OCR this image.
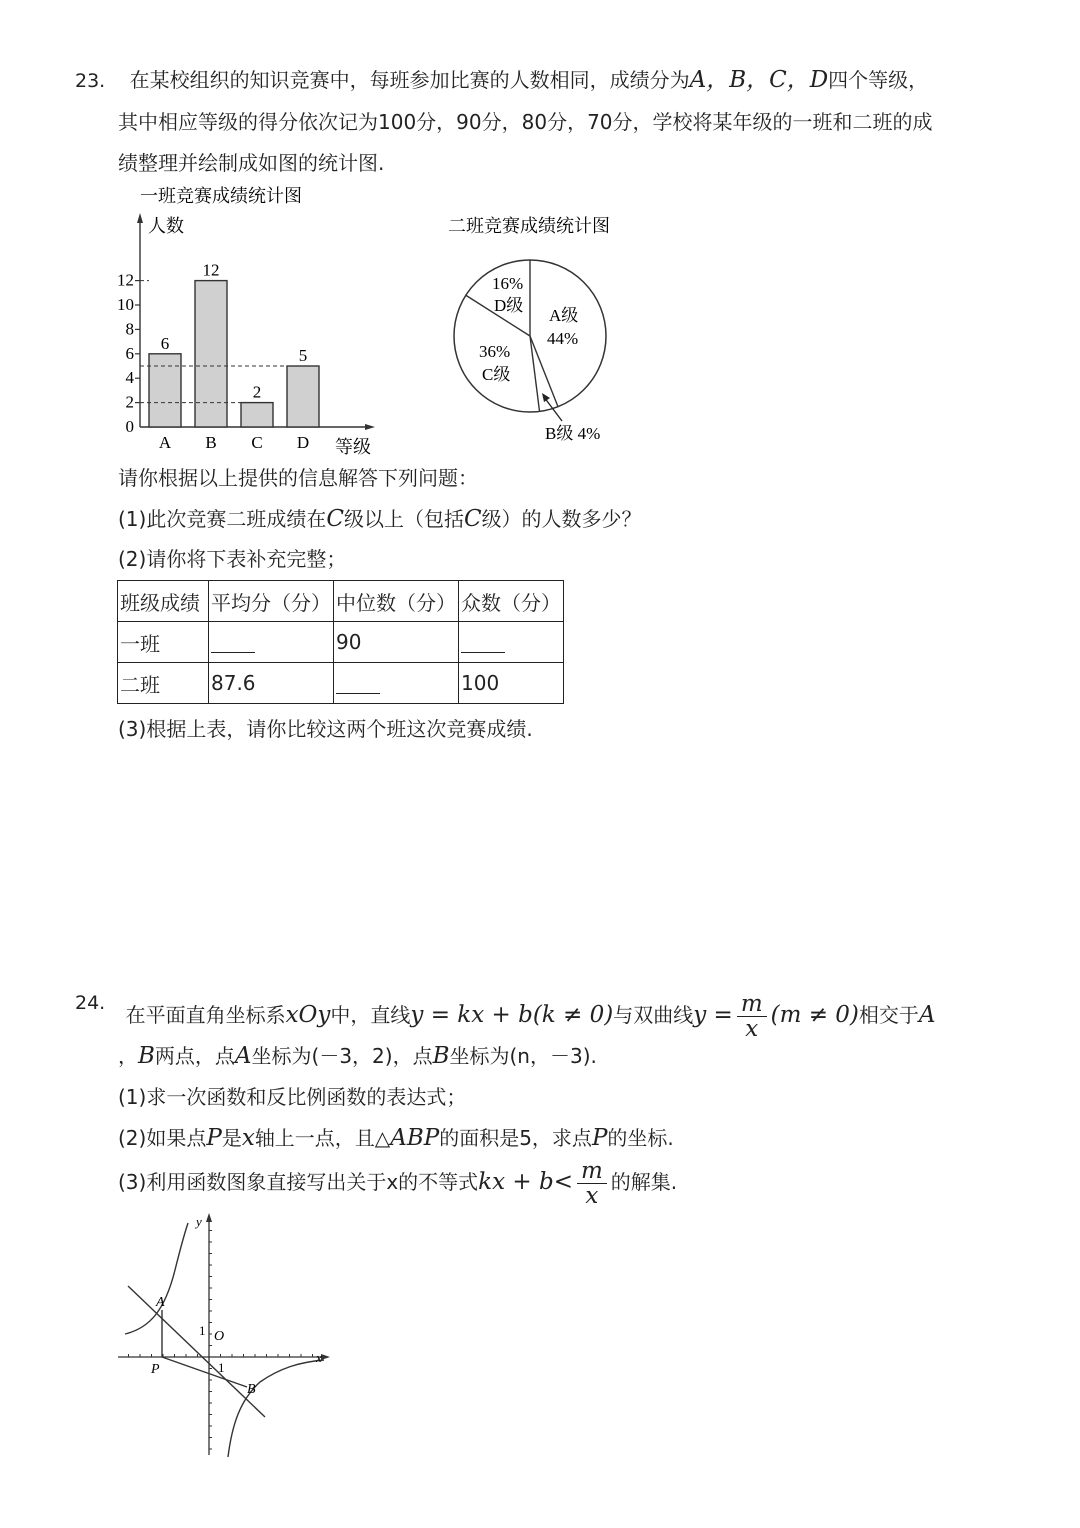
23. 在某校组织的知识竞赛中，每班参加比赛的人数相同，成绩分为A，B，C，D四个等级，
其中相应等级的得分依次记为100分，90分，80分，70分，学校将某年级的一班和二班的成
绩整理并绘制成如图的统计图.
一班竞赛成绩统计图
人数
等级
0
2
4
6
8
10
12
6
A
12
B
2
C
5
D
二班竞赛成绩统计图
16%
D级
A级
44%
36%
C级
B级 4%
请你根据以上提供的信息解答下列问题：
(1)此次竞赛二班成绩在C级以上（包括C级）的人数多少？
(2)请你将下表补充完整；
班级成绩	平均分（分）	中位数（分）	众数（分）
一班		90	
二班	87.6		100
(3)根据上表，请你比较这两个班这次竞赛成绩.
24. 在平面直角坐标系xOy中，直线y = kx + b(k ≠ 0)与双曲线$y = \frac{m}{x} (m \ne 0)$相交于A
，B两点，点A坐标为(－3，2)，点B坐标为(n，－3).
(1)求一次函数和反比例函数的表达式；
(2)如果点P是x轴上一点，且△ABP的面积是5，求点P的坐标.
(3)利用函数图象直接写出关于x的不等式kx + $b< \frac{m}{x}$ 的解集.
y
x
O
1
1
A
P
B
